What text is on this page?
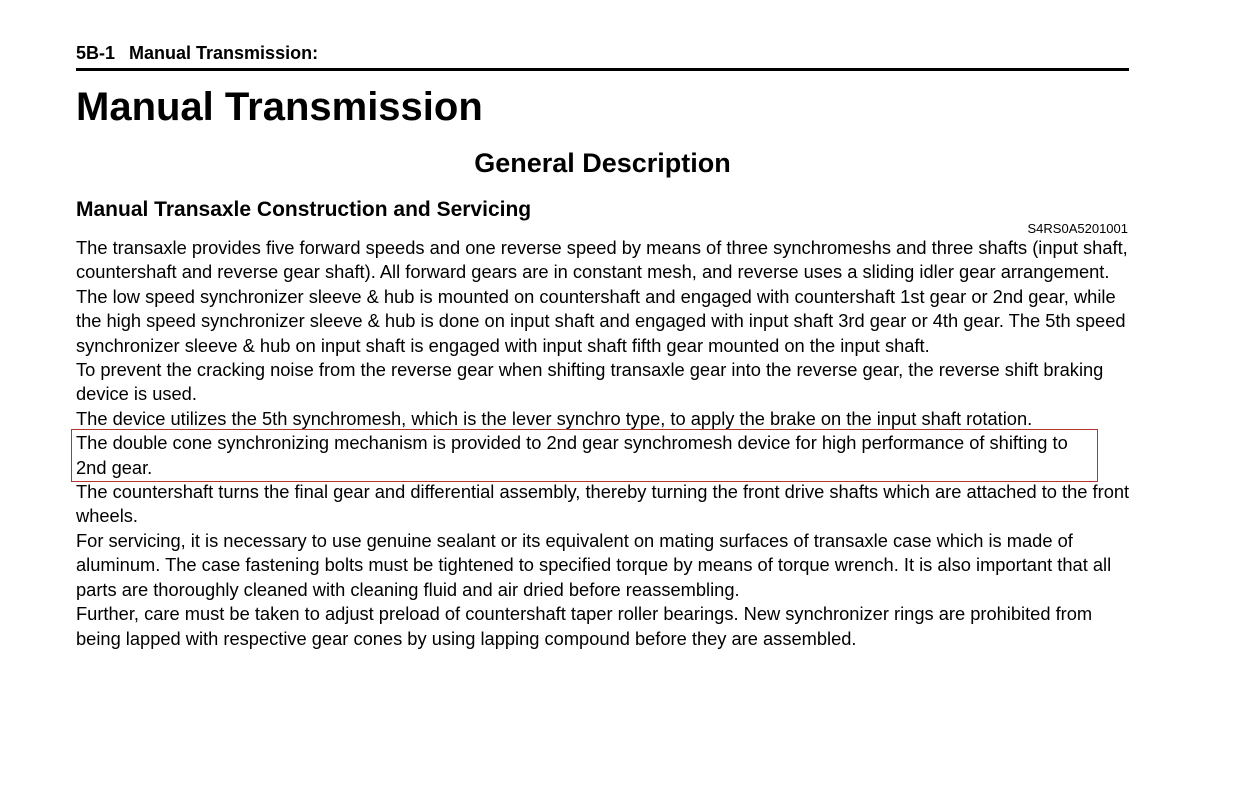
5B-1 Manual Transmission:
Manual Transmission
General Description
Manual Transaxle Construction and Servicing
S4RS0A5201001

The transaxle provides five forward speeds and one reverse speed by means of three synchromeshs and three shafts (input shaft, countershaft and reverse gear shaft). All forward gears are in constant mesh, and reverse uses a sliding idler gear arrangement.

The low speed synchronizer sleeve & hub is mounted on countershaft and engaged with countershaft 1st gear or 2nd gear, while the high speed synchronizer sleeve & hub is done on input shaft and engaged with input shaft 3rd gear or 4th gear. The 5th speed synchronizer sleeve & hub on input shaft is engaged with input shaft fifth gear mounted on the input shaft.

To prevent the cracking noise from the reverse gear when shifting transaxle gear into the reverse gear, the reverse shift braking device is used.

The device utilizes the 5th synchromesh, which is the lever synchro type, to apply the brake on the input shaft rotation.

The double cone synchronizing mechanism is provided to 2nd gear synchromesh device for high performance of shifting to 2nd gear.

The countershaft turns the final gear and differential assembly, thereby turning the front drive shafts which are attached to the front wheels.

For servicing, it is necessary to use genuine sealant or its equivalent on mating surfaces of transaxle case which is made of aluminum. The case fastening bolts must be tightened to specified torque by means of torque wrench. It is also important that all parts are thoroughly cleaned with cleaning fluid and air dried before reassembling.

Further, care must be taken to adjust preload of countershaft taper roller bearings. New synchronizer rings are prohibited from being lapped with respective gear cones by using lapping compound before they are assembled.
